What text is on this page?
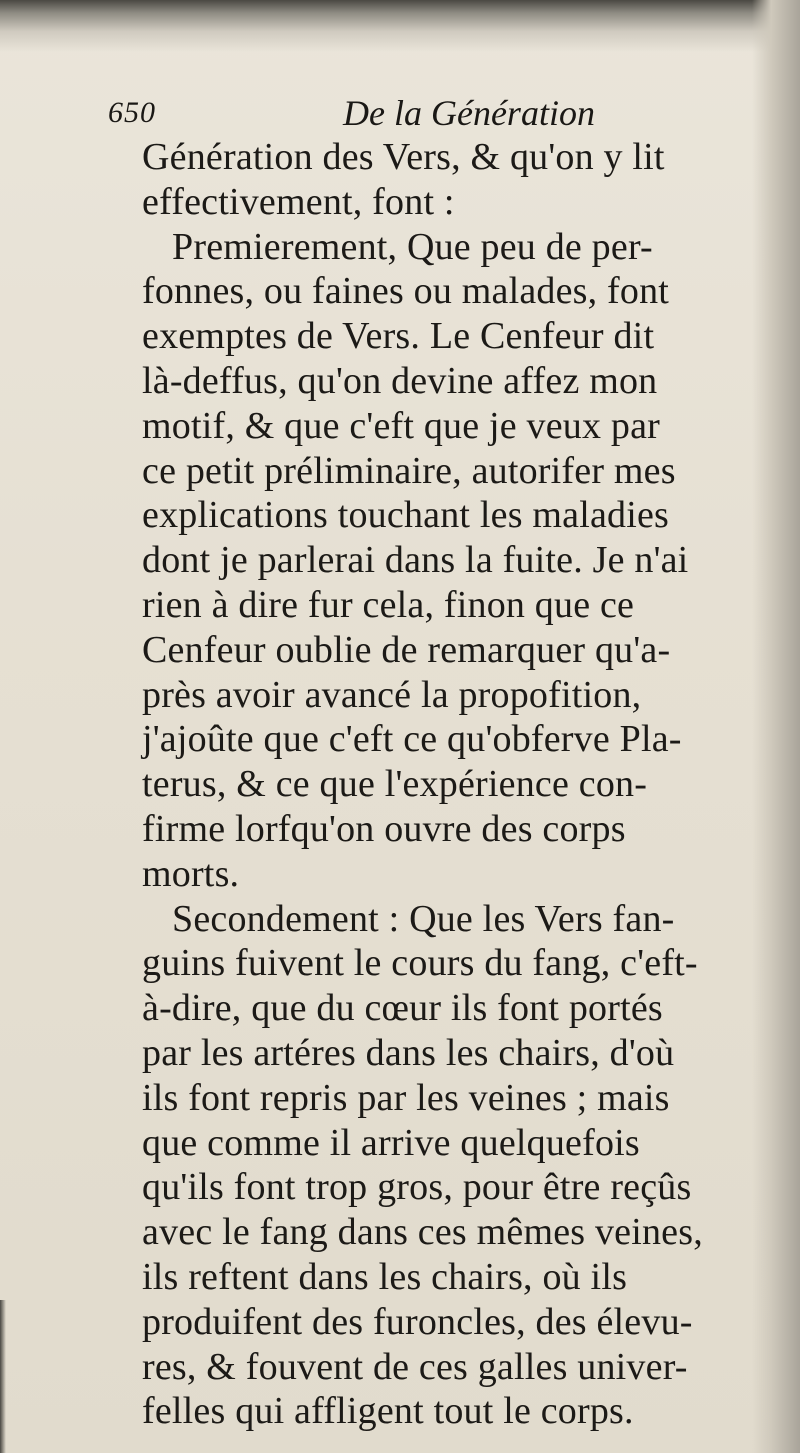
650	De la Génération
Génération des Vers, & qu'on y lit
effectivement, font :
Premierement, Que peu de per-
fonnes, ou faines ou malades, font
exemptes de Vers. Le Cenfeur dit
là-deffus, qu'on devine affez mon
motif, & que c'eft que je veux par
ce petit préliminaire, autorifer mes
explications touchant les maladies
dont je parlerai dans la fuite. Je n'ai
rien à dire fur cela, finon que ce
Cenfeur oublie de remarquer qu'a-
près avoir avancé la propofition,
j'ajoûte que c'eft ce qu'obferve Pla-
terus, & ce que l'expérience con-
firme lorfqu'on ouvre des corps
morts.
Secondement : Que les Vers fan-
guins fuivent le cours du fang, c'eft-
à-dire, que du cœur ils font portés
par les artéres dans les chairs, d'où
ils font repris par les veines ; mais
que comme il arrive quelquefois
qu'ils font trop gros, pour être reçûs
avec le fang dans ces mêmes veines,
ils reftent dans les chairs, où ils
produifent des furoncles, des élevu-
res, & fouvent de ces galles univer-
felles qui affligent tout le corps.
